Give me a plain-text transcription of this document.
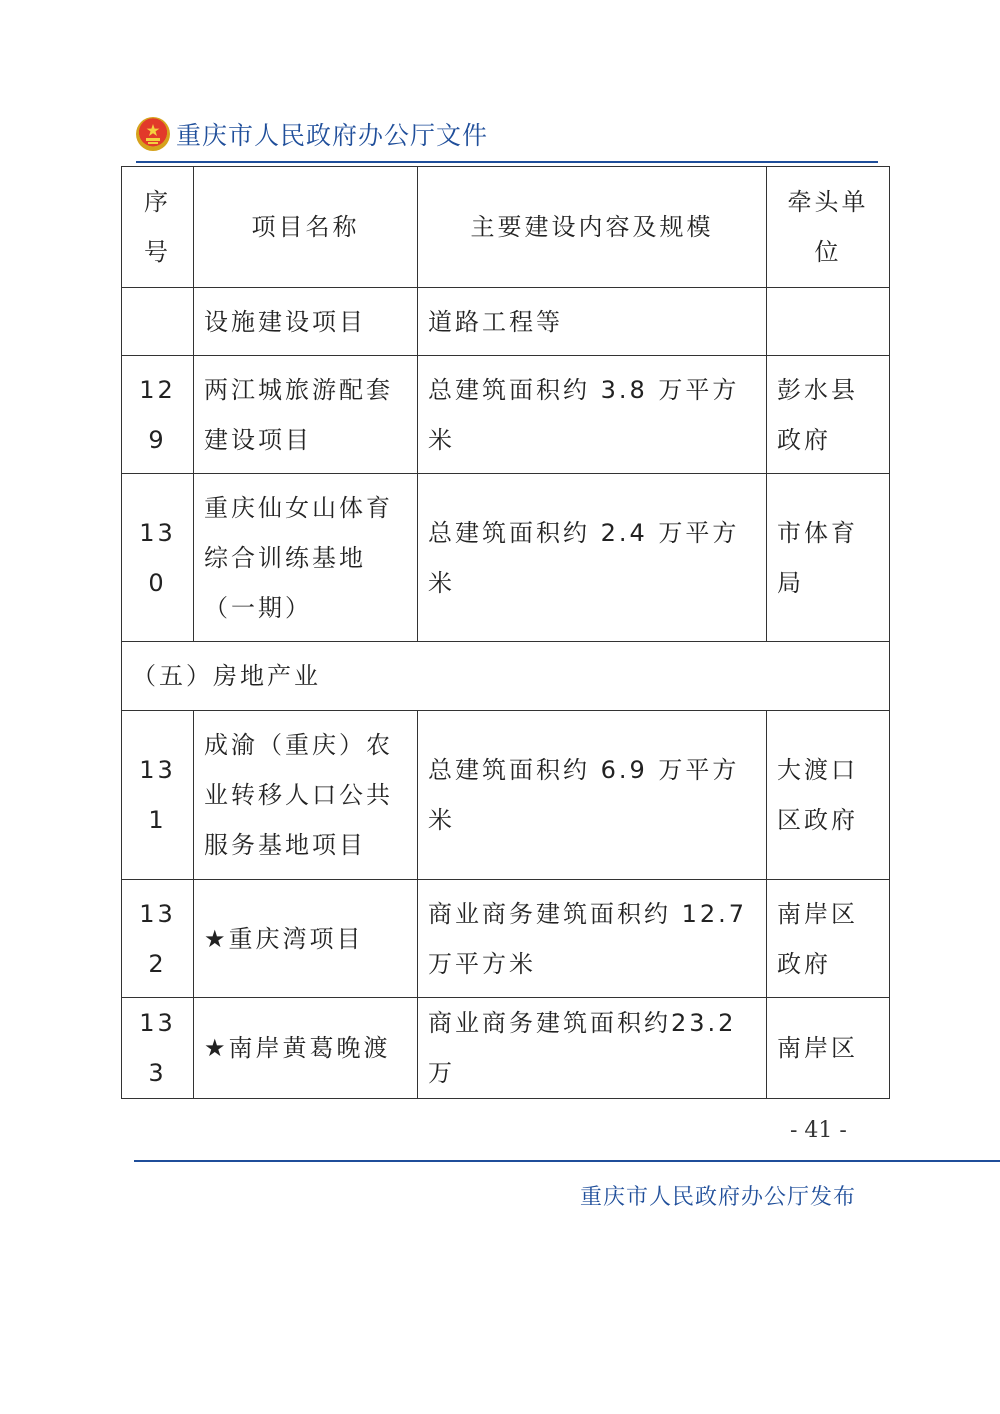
重庆市人民政府办公厅文件
序号	项目名称	主要建设内容及规模	牵头单位
	设施建设项目	道路工程等	
129	两江城旅游配套建设项目	总建筑面积约 3.8 万平方米	彭水县政府
130	重庆仙女山体育综合训练基地（一期）	总建筑面积约 2.4 万平方米	市体育局
（五）房地产业			
131	成渝（重庆）农业转移人口公共服务基地项目	总建筑面积约 6.9 万平方米	大渡口区政府
132	★重庆湾项目	商业商务建筑面积约 12.7 万平方米	南岸区政府
133	★南岸黄葛晚渡	商业商务建筑面积约23.2万	南岸区
- 41 -
重庆市人民政府办公厅发布
